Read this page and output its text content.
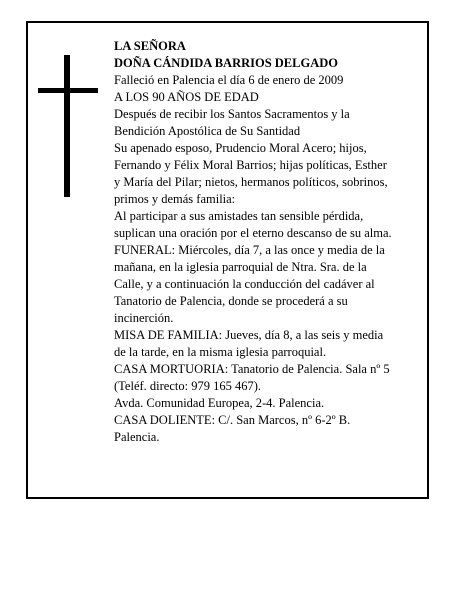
LA SEÑORA
DOÑA CÁNDIDA BARRIOS DELGADO
Falleció en Palencia el día 6 de enero de 2009
A LOS 90 AÑOS DE EDAD
Después de recibir los Santos Sacramentos y la
Bendición Apostólica de Su Santidad
Su apenado esposo, Prudencio Moral Acero; hijos,
Fernando y Félix Moral Barrios; hijas políticas, Esther
y María del Pilar; nietos, hermanos políticos, sobrinos,
primos y demás familia:
Al participar a sus amistades tan sensible pérdida,
suplican una oración por el eterno descanso de su alma.
FUNERAL: Miércoles, día 7, a las once y media de la
mañana, en la iglesia parroquial de Ntra. Sra. de la
Calle, y a continuación la conducción del cadáver al
Tanatorio de Palencia, donde se procederá a su
incinerción.
MISA DE FAMILIA: Jueves, día 8, a las seis y media
de la tarde, en la misma iglesia parroquial.
CASA MORTUORIA: Tanatorio de Palencia. Sala nº 5
(Teléf. directo: 979 165 467).
Avda. Comunidad Europea, 2-4. Palencia.
CASA DOLIENTE: C/. San Marcos, nº 6-2º B.
Palencia.
